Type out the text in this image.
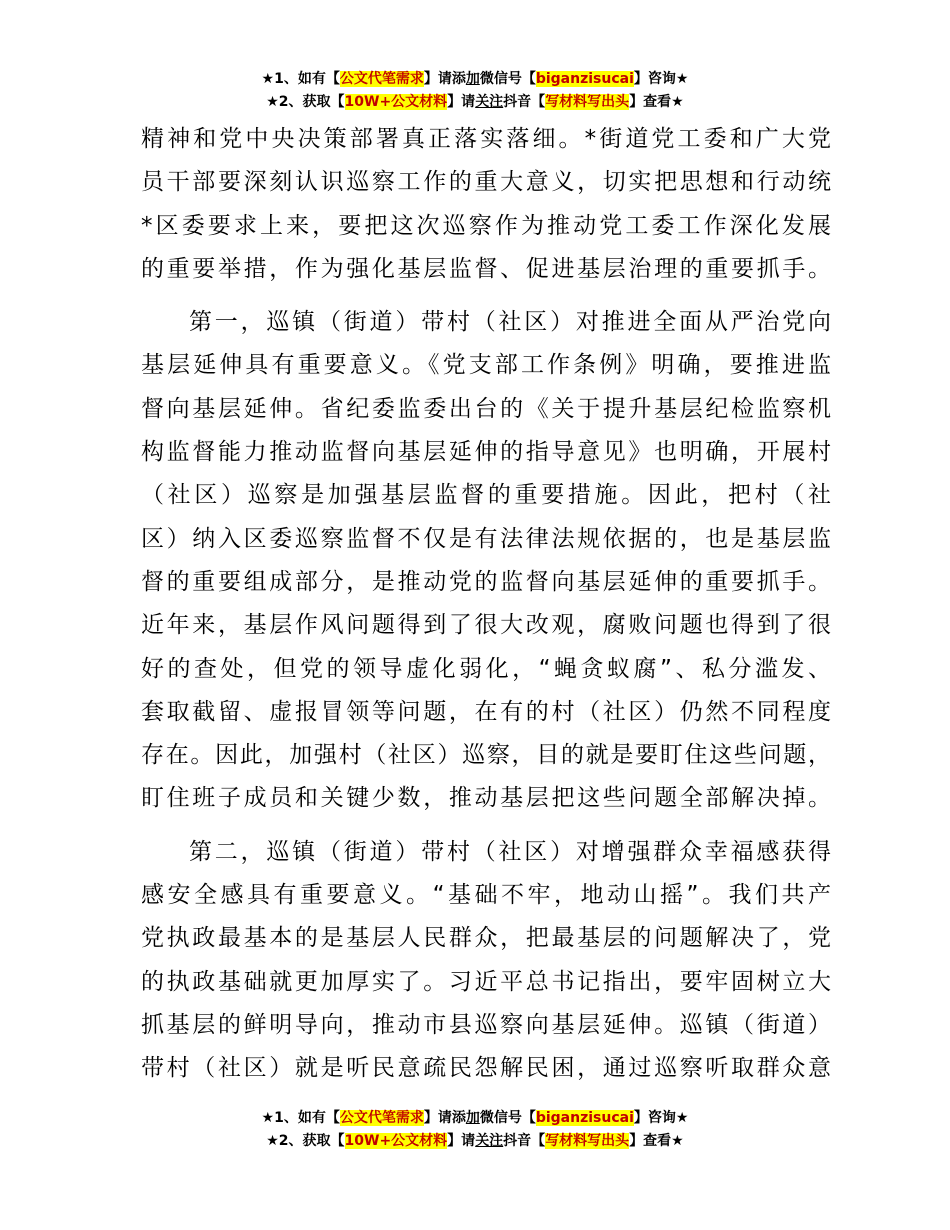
★1、如有【公文代笔需求】请添加微信号【biganzisucai】咨询★
★2、获取【10W+公文材料】请关注抖音【写材料写出头】查看★
精神和党中央决策部署真正落实落细。*街道党工委和广大党
员干部要深刻认识巡察工作的重大意义，切实把思想和行动统
*区委要求上来，要把这次巡察作为推动党工委工作深化发展
的重要举措，作为强化基层监督、促进基层治理的重要抓手。
第一，巡镇（街道）带村（社区）对推进全面从严治党向
基层延伸具有重要意义。《党支部工作条例》明确，要推进监
督向基层延伸。省纪委监委出台的《关于提升基层纪检监察机
构监督能力推动监督向基层延伸的指导意见》也明确，开展村
（社区）巡察是加强基层监督的重要措施。因此，把村（社
区）纳入区委巡察监督不仅是有法律法规依据的，也是基层监
督的重要组成部分，是推动党的监督向基层延伸的重要抓手。
近年来，基层作风问题得到了很大改观，腐败问题也得到了很
好的查处，但党的领导虚化弱化，“蝇贪蚁腐”、私分滥发、
套取截留、虚报冒领等问题，在有的村（社区）仍然不同程度
存在。因此，加强村（社区）巡察，目的就是要盯住这些问题，
盯住班子成员和关键少数，推动基层把这些问题全部解决掉。
第二，巡镇（街道）带村（社区）对增强群众幸福感获得
感安全感具有重要意义。“基础不牢，地动山摇”。我们共产
党执政最基本的是基层人民群众，把最基层的问题解决了，党
的执政基础就更加厚实了。习近平总书记指出，要牢固树立大
抓基层的鲜明导向，推动市县巡察向基层延伸。巡镇（街道）
带村（社区）就是听民意疏民怨解民困，通过巡察听取群众意
★1、如有【公文代笔需求】请添加微信号【biganzisucai】咨询★
★2、获取【10W+公文材料】请关注抖音【写材料写出头】查看★
